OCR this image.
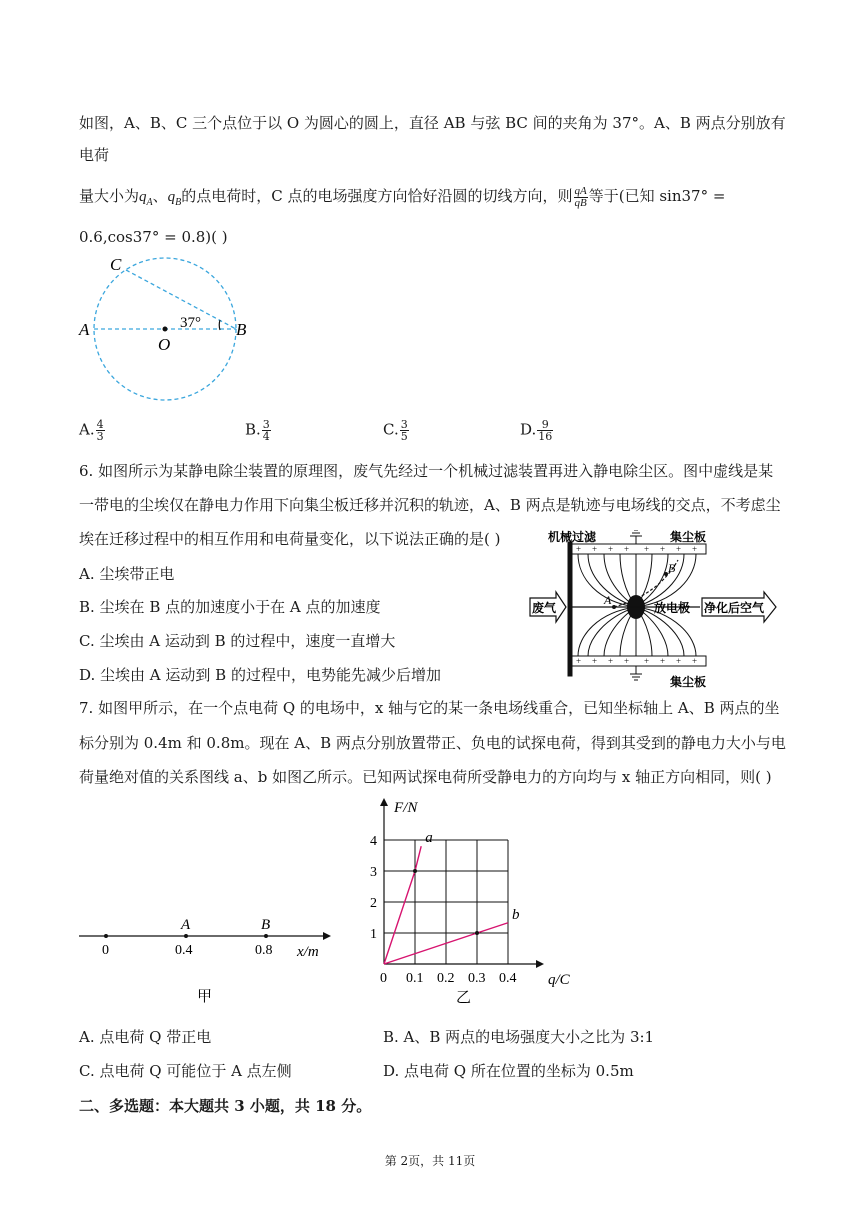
如图，A、B、C 三个点位于以 O 为圆心的圆上，直径 AB 与弦 BC 间的夹角为 37°。A、B 两点分别放有
电荷
量大小为$q_A$、$q_B$的点电荷时，C 点的电场强度方向恰好沿圆的切线方向，则 $\frac{qA}{qB}$ 等于(已知 sin37° =
0.6,cos37° = 0.8)( )
C
A
O
B
37°
A. $\frac{4}{3}$	B. $\frac{3}{4}$	C. $\frac{3}{5}$	D. $\frac{9}{16}$
6. 如图所示为某静电除尘装置的原理图，废气先经过一个机械过滤装置再进入静电除尘区。图中虚线是某
一带电的尘埃仅在静电力作用下向集尘板迁移并沉积的轨迹，A、B 两点是轨迹与电场线的交点，不考虑尘
埃在迁移过程中的相互作用和电荷量变化，以下说法正确的是( )
A. 尘埃带正电
B. 尘埃在 B 点的加速度小于在 A 点的加速度
C. 尘埃由 A 运动到 B 的过程中，速度一直增大
D. 尘埃由 A 运动到 B 的过程中，电势能先减少后增加
+ + + + + + + +
+ + + + + + + +
机械过滤	集尘板
集尘板
放电极
废气	净化后空气
A
B
7. 如图甲所示，在一个点电荷 Q 的电场中，x 轴与它的某一条电场线重合，已知坐标轴上 A、B 两点的坐
标分别为 0.4m 和 0.8m。现在 A、B 两点分别放置带正、负电的试探电荷，得到其受到的静电力大小与电
荷量绝对值的关系图线 a、b 如图乙所示。已知两试探电荷所受静电力的方向均与 x 轴正方向相同，则( )
A	B
0	0.4	0.8 x/m
甲
a
b
0 0.1 0.2 0.3 0.4
1
2
3
4
F/N
q/C
乙
A. 点电荷 Q 带正电	B. A、B 两点的电场强度大小之比为 3:1
C. 点电荷 Q 可能位于 A 点左侧	D. 点电荷 Q 所在位置的坐标为 0.5m
二、多选题：本大题共 3 小题，共 18 分。
第 2页，共 11页
